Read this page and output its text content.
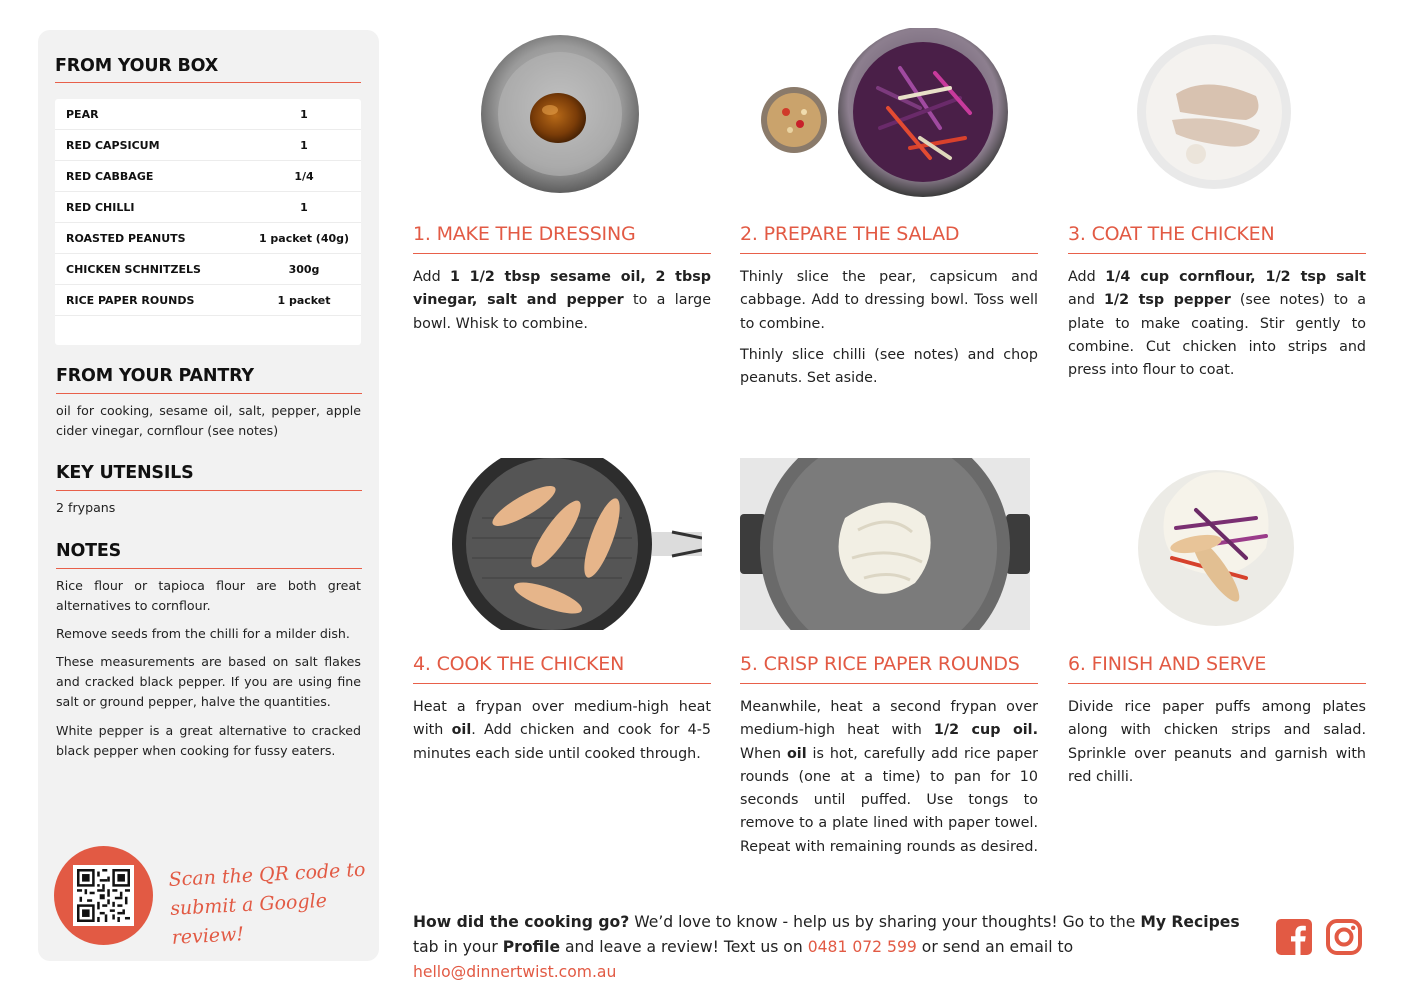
FROM YOUR BOX
PEAR	1
RED CAPSICUM	1
RED CABBAGE	1/4
RED CHILLI	1
ROASTED PEANUTS	1 packet (40g)
CHICKEN SCHNITZELS	300g
RICE PAPER ROUNDS	1 packet
FROM YOUR PANTRY
oil for cooking, sesame oil, salt, pepper, apple cider vinegar, cornflour (see notes)
KEY UTENSILS
2 frypans
NOTES
Rice flour or tapioca flour are both great alternatives to cornflour.
Remove seeds from the chilli for a milder dish.
These measurements are based on salt flakes and cracked black pepper. If you are using fine salt or ground pepper, halve the quantities.
White pepper is a great alternative to cracked black pepper when cooking for fussy eaters.
Scan the QR code to
submit a Google review!
1. MAKE THE DRESSING

Add 1 1/2 tbsp sesame oil, 2 tbsp vinegar, salt and pepper to a large bowl. Whisk to combine.

2. PREPARE THE SALAD

Thinly slice the pear, capsicum and cabbage. Add to dressing bowl. Toss well to combine.

Thinly slice chilli (see notes) and chop peanuts. Set aside.

3. COAT THE CHICKEN

Add 1/4 cup cornflour, 1/2 tsp salt and 1/2 tsp pepper (see notes) to a plate to make coating. Stir gently to combine. Cut chicken into strips and press into flour to coat.

4. COOK THE CHICKEN

Heat a frypan over medium-high heat with oil. Add chicken and cook for 4-5 minutes each side until cooked through.

5. CRISP RICE PAPER ROUNDS

Meanwhile, heat a second frypan over medium-high heat with 1/2 cup oil. When oil is hot, carefully add rice paper rounds (one at a time) to pan for 10 seconds until puffed. Use tongs to remove to a plate lined with paper towel. Repeat with remaining rounds as desired.

6. FINISH AND SERVE

Divide rice paper puffs among plates along with chicken strips and salad. Sprinkle over peanuts and garnish with red chilli.

How did the cooking go? We’d love to know - help us by sharing your thoughts! Go to the My Recipes tab in your Profile and leave a review! Text us on 0481 072 599 or send an email to hello@dinnertwist.com.au
